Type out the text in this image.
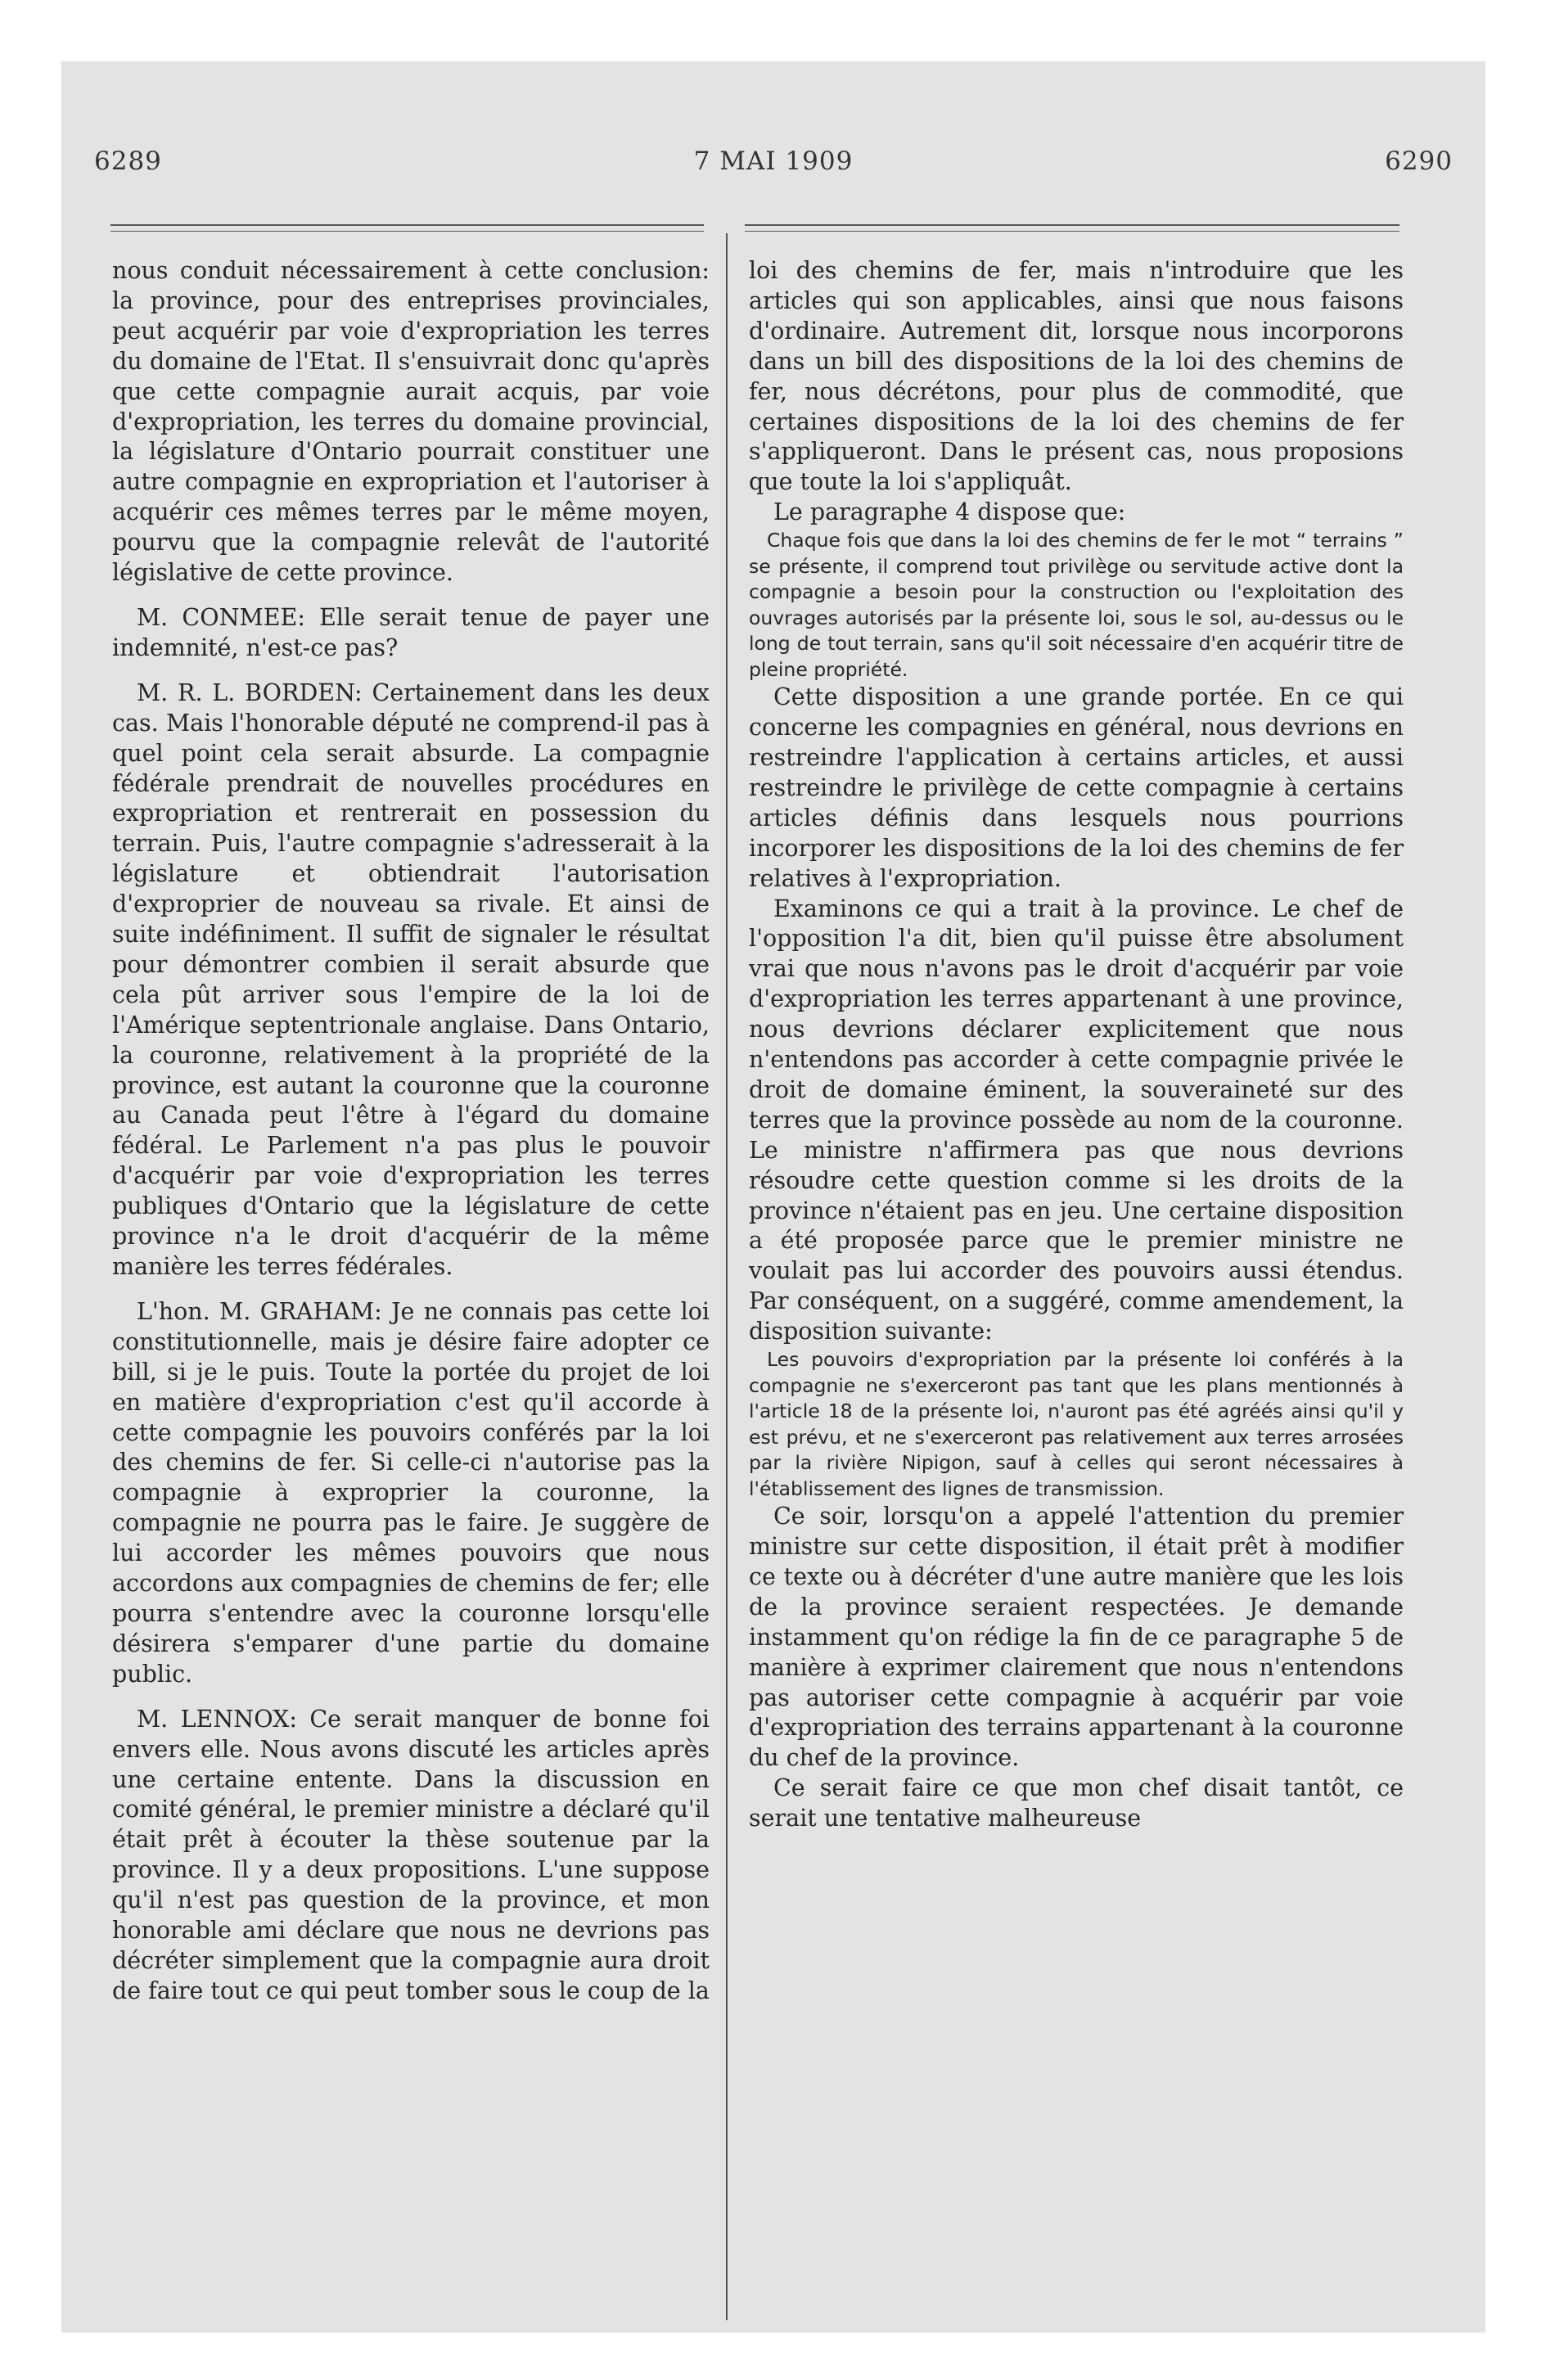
6289	7 MAI 1909	6290

nous conduit nécessairement à cette conclusion: la province, pour des entreprises provinciales, peut acquérir par voie d'expropriation les terres du domaine de l'Etat. Il s'ensuivrait donc qu'après que cette compagnie aurait acquis, par voie d'expropriation, les terres du domaine provincial, la législature d'Ontario pourrait constituer une autre compagnie en expropriation et l'autoriser à acquérir ces mêmes terres par le même moyen, pourvu que la compagnie relevât de l'autorité législative de cette province.

M. CONMEE: Elle serait tenue de payer une indemnité, n'est-ce pas?

M. R. L. BORDEN: Certainement dans les deux cas. Mais l'honorable député ne comprend-il pas à quel point cela serait absurde. La compagnie fédérale prendrait de nouvelles procédures en expropriation et rentrerait en possession du terrain. Puis, l'autre compagnie s'adresserait à la législature et obtiendrait l'autorisation d'exproprier de nouveau sa rivale. Et ainsi de suite indéfiniment. Il suffit de signaler le résultat pour démontrer combien il serait absurde que cela pût arriver sous l'empire de la loi de l'Amérique septentrionale anglaise. Dans Ontario, la couronne, relativement à la propriété de la province, est autant la couronne que la couronne au Canada peut l'être à l'égard du domaine fédéral. Le Parlement n'a pas plus le pouvoir d'acquérir par voie d'expropriation les terres publiques d'Ontario que la législature de cette province n'a le droit d'acquérir de la même manière les terres fédérales.

L'hon. M. GRAHAM: Je ne connais pas cette loi constitutionnelle, mais je désire faire adopter ce bill, si je le puis. Toute la portée du projet de loi en matière d'expropriation c'est qu'il accorde à cette compagnie les pouvoirs conférés par la loi des chemins de fer. Si celle-ci n'autorise pas la compagnie à exproprier la couronne, la compagnie ne pourra pas le faire. Je suggère de lui accorder les mêmes pouvoirs que nous accordons aux compagnies de chemins de fer; elle pourra s'entendre avec la couronne lorsqu'elle désirera s'emparer d'une partie du domaine public.

M. LENNOX: Ce serait manquer de bonne foi envers elle. Nous avons discuté les articles après une certaine entente. Dans la discussion en comité général, le premier ministre a déclaré qu'il était prêt à écouter la thèse soutenue par la province. Il y a deux propositions. L'une suppose qu'il n'est pas question de la province, et mon honorable ami déclare que nous ne devrions pas décréter simplement que la compagnie aura droit de faire tout ce qui peut tomber sous le coup de la

loi des chemins de fer, mais n'introduire que les articles qui son applicables, ainsi que nous faisons d'ordinaire. Autrement dit, lorsque nous incorporons dans un bill des dispositions de la loi des chemins de fer, nous décrétons, pour plus de commodité, que certaines dispositions de la loi des chemins de fer s'appliqueront. Dans le présent cas, nous proposions que toute la loi s'appliquât.

Le paragraphe 4 dispose que:

Chaque fois que dans la loi des chemins de fer le mot “ terrains ” se présente, il comprend tout privilège ou servitude active dont la compagnie a besoin pour la construction ou l'exploitation des ouvrages autorisés par la présente loi, sous le sol, au-dessus ou le long de tout terrain, sans qu'il soit nécessaire d'en acquérir titre de pleine propriété.

Cette disposition a une grande portée. En ce qui concerne les compagnies en général, nous devrions en restreindre l'application à certains articles, et aussi restreindre le privilège de cette compagnie à certains articles définis dans lesquels nous pourrions incorporer les dispositions de la loi des chemins de fer relatives à l'expropriation.

Examinons ce qui a trait à la province. Le chef de l'opposition l'a dit, bien qu'il puisse être absolument vrai que nous n'avons pas le droit d'acquérir par voie d'expropriation les terres appartenant à une province, nous devrions déclarer explicitement que nous n'entendons pas accorder à cette compagnie privée le droit de domaine éminent, la souveraineté sur des terres que la province possède au nom de la couronne. Le ministre n'affirmera pas que nous devrions résoudre cette question comme si les droits de la province n'étaient pas en jeu. Une certaine disposition a été proposée parce que le premier ministre ne voulait pas lui accorder des pouvoirs aussi étendus. Par conséquent, on a suggéré, comme amendement, la disposition suivante:

Les pouvoirs d'expropriation par la présente loi conférés à la compagnie ne s'exerceront pas tant que les plans mentionnés à l'article 18 de la présente loi, n'auront pas été agréés ainsi qu'il y est prévu, et ne s'exerceront pas relativement aux terres arrosées par la rivière Nipigon, sauf à celles qui seront nécessaires à l'établissement des lignes de transmission.

Ce soir, lorsqu'on a appelé l'attention du premier ministre sur cette disposition, il était prêt à modifier ce texte ou à décréter d'une autre manière que les lois de la province seraient respectées. Je demande instamment qu'on rédige la fin de ce paragraphe 5 de manière à exprimer clairement que nous n'entendons pas autoriser cette compagnie à acquérir par voie d'expropriation des terrains appartenant à la couronne du chef de la province.

Ce serait faire ce que mon chef disait tantôt, ce serait une tentative malheureuse
